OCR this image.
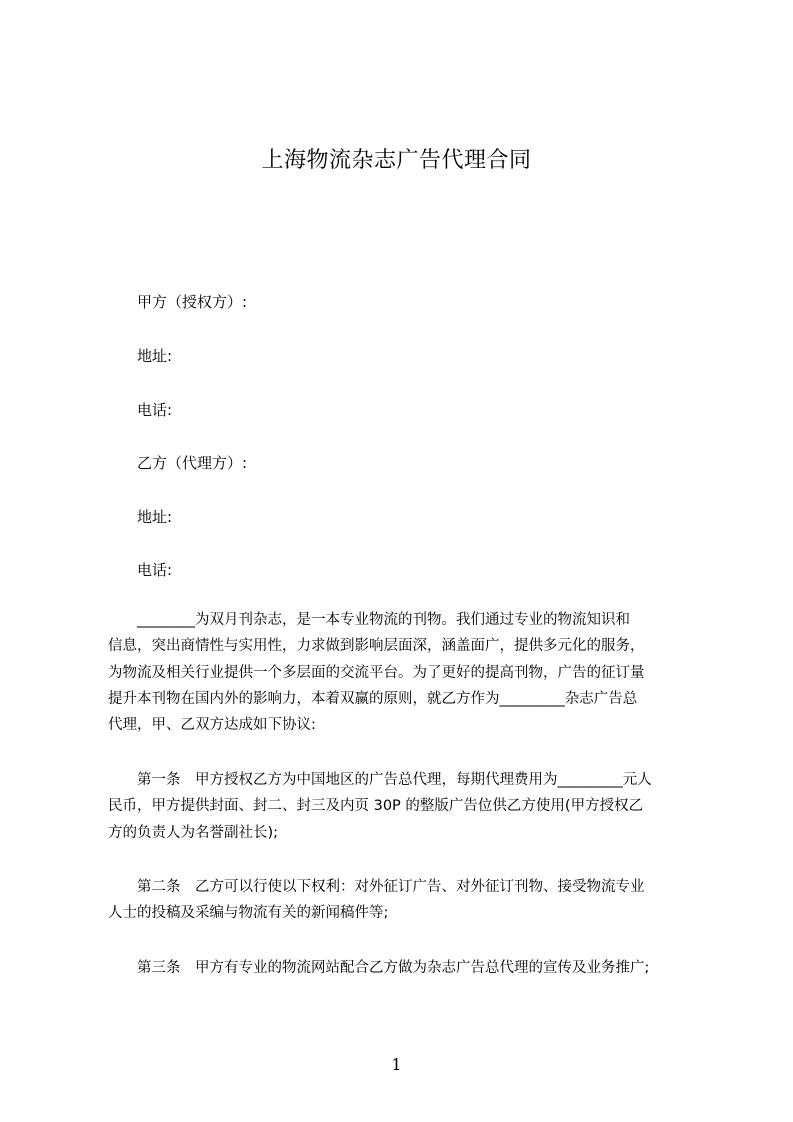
上海物流杂志广告代理合同
甲方（授权方）:
地址:
电话:
乙方（代理方）:
地址:
电话:
　　________为双月刊杂志，是一本专业物流的刊物。我们通过专业的物流知识和
信息，突出商情性与实用性，力求做到影响层面深，涵盖面广，提供多元化的服务，
为物流及相关行业提供一个多层面的交流平台。为了更好的提高刊物，广告的征订量
提升本刊物在国内外的影响力，本着双赢的原则，就乙方作为_________杂志广告总
代理，甲、乙双方达成如下协议:
　　第一条　甲方授权乙方为中国地区的广告总代理，每期代理费用为_________元人
民币，甲方提供封面、封二、封三及内页 30P 的整版广告位供乙方使用(甲方授权乙
方的负责人为名誉副社长);
　　第二条　乙方可以行使以下权利：对外征订广告、对外征订刊物、接受物流专业
人士的投稿及采编与物流有关的新闻稿件等;
　　第三条　甲方有专业的物流网站配合乙方做为杂志广告总代理的宣传及业务推广;
1
